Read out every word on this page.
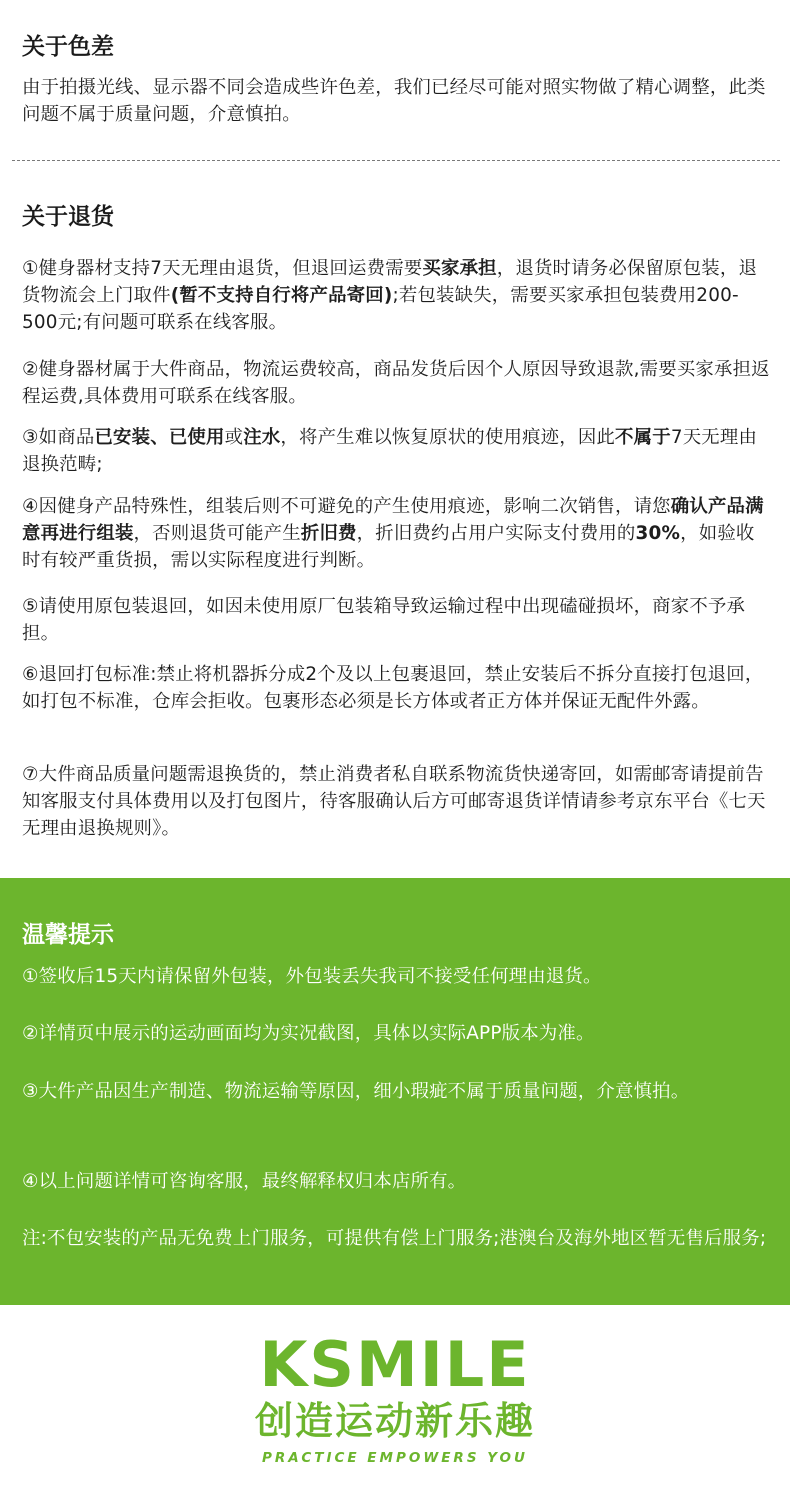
关于色差
由于拍摄光线、显示器不同会造成些许色差，我们已经尽可能对照实物做了精心调整，此类问题不属于质量问题，介意慎拍。
关于退货
①健身器材支持7天无理由退货，但退回运费需要买家承担，退货时请务必保留原包装，退货物流会上门取件(暂不支持自行将产品寄回);若包装缺失，需要买家承担包装费用200-500元;有问题可联系在线客服。
②健身器材属于大件商品，物流运费较高，商品发货后因个人原因导致退款,需要买家承担返程运费,具体费用可联系在线客服。
③如商品已安装、已使用或注水，将产生难以恢复原状的使用痕迹，因此不属于7天无理由退换范畴;
④因健身产品特殊性，组装后则不可避免的产生使用痕迹，影响二次销售，请您确认产品满意再进行组装，否则退货可能产生折旧费，折旧费约占用户实际支付费用的30%，如验收时有较严重货损，需以实际程度进行判断。
⑤请使用原包装退回，如因未使用原厂包装箱导致运输过程中出现磕碰损坏，商家不予承担。
⑥退回打包标准:禁止将机器拆分成2个及以上包裹退回，禁止安装后不拆分直接打包退回，如打包不标准，仓库会拒收。包裹形态必须是长方体或者正方体并保证无配件外露。
⑦大件商品质量问题需退换货的，禁止消费者私自联系物流货快递寄回，如需邮寄请提前告知客服支付具体费用以及打包图片，待客服确认后方可邮寄退货详情请参考京东平台《七天无理由退换规则》。
温馨提示
①签收后15天内请保留外包装，外包装丢失我司不接受任何理由退货。
②详情页中展示的运动画面均为实况截图，具体以实际APP版本为准。
③大件产品因生产制造、物流运输等原因，细小瑕疵不属于质量问题，介意慎拍。
④以上问题详情可咨询客服，最终解释权归本店所有。
注:不包安装的产品无免费上门服务，可提供有偿上门服务;港澳台及海外地区暂无售后服务;
KSMILE
创造运动新乐趣
PRACTICE EMPOWERS YOU
